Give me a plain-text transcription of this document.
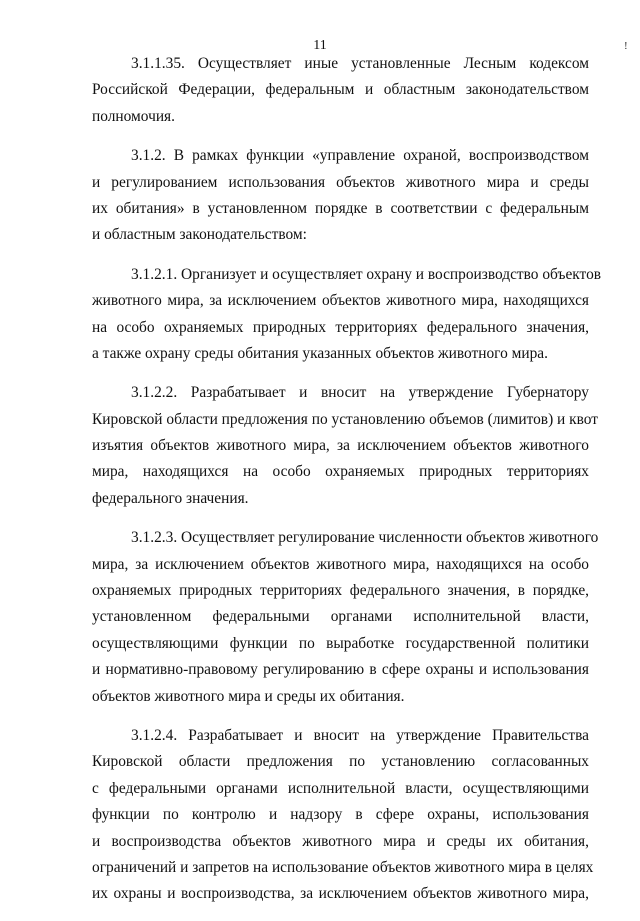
11	!
3.1.1.35. Осуществляет иные установленные Лесным кодексом
Российской Федерации, федеральным и областным законодательством
полномочия.
3.1.2. В рамках функции «управление охраной, воспроизводством
и регулированием использования объектов животного мира и среды
их обитания» в установленном порядке в соответствии с федеральным
и областным законодательством:
3.1.2.1. Организует и осуществляет охрану и воспроизводство объектов
животного мира, за исключением объектов животного мира, находящихся
на особо охраняемых природных территориях федерального значения,
а также охрану среды обитания указанных объектов животного мира.
3.1.2.2. Разрабатывает и вносит на утверждение Губернатору
Кировской области предложения по установлению объемов (лимитов) и квот
изъятия объектов животного мира, за исключением объектов животного
мира, находящихся на особо охраняемых природных территориях
федерального значения.
3.1.2.3. Осуществляет регулирование численности объектов животного
мира, за исключением объектов животного мира, находящихся на особо
охраняемых природных территориях федерального значения, в порядке,
установленном федеральными органами исполнительной власти,
осуществляющими функции по выработке государственной политики
и нормативно-правовому регулированию в сфере охраны и использования
объектов животного мира и среды их обитания.
3.1.2.4. Разрабатывает и вносит на утверждение Правительства
Кировской области предложения по установлению согласованных
с федеральными органами исполнительной власти, осуществляющими
функции по контролю и надзору в сфере охраны, использования
и воспроизводства объектов животного мира и среды их обитания,
ограничений и запретов на использование объектов животного мира в целях
их охраны и воспроизводства, за исключением объектов животного мира,
